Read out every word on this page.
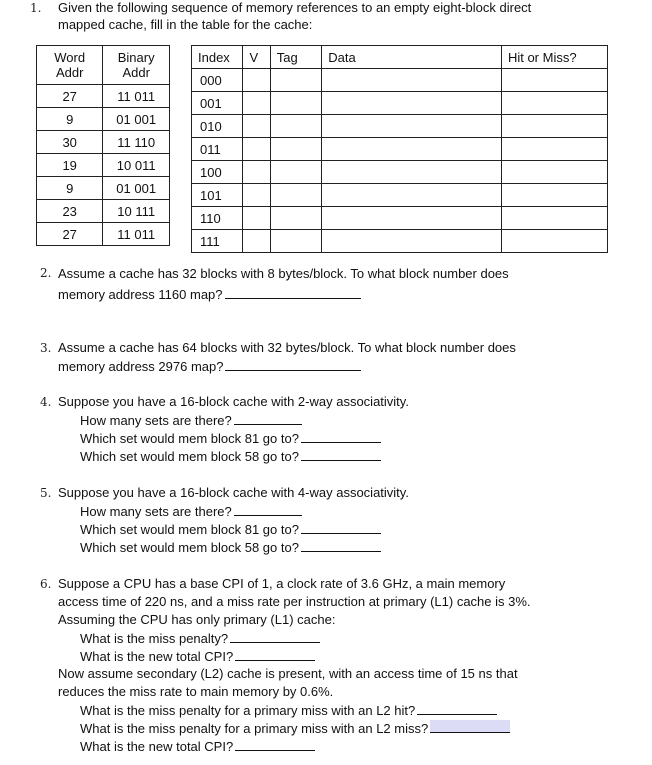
1. Given the following sequence of memory references to an empty eight-block direct
mapped cache, fill in the table for the cache:
Word
Addr	Binary
Addr
27	11 011
9	01 001
30	11 110
19	10 011
9	01 001
23	10 111
27	11 011
Index	V	Tag	Data	Hit or Miss?
000				
001				
010				
011				
100				
101				
110				
111				
2. Assume a cache has 32 blocks with 8 bytes/block. To what block number does
memory address 1160 map?
3. Assume a cache has 64 blocks with 32 bytes/block. To what block number does
memory address 2976 map?
4. Suppose you have a 16-block cache with 2-way associativity.
How many sets are there?
Which set would mem block 81 go to?
Which set would mem block 58 go to?
5. Suppose you have a 16-block cache with 4-way associativity.
How many sets are there?
Which set would mem block 81 go to?
Which set would mem block 58 go to?
6. Suppose a CPU has a base CPI of 1, a clock rate of 3.6 GHz, a main memory
access time of 220 ns, and a miss rate per instruction at primary (L1) cache is 3%.
Assuming the CPU has only primary (L1) cache:
What is the miss penalty?
What is the new total CPI?
Now assume secondary (L2) cache is present, with an access time of 15 ns that
reduces the miss rate to main memory by 0.6%.
What is the miss penalty for a primary miss with an L2 hit?
What is the miss penalty for a primary miss with an L2 miss?
What is the new total CPI?
